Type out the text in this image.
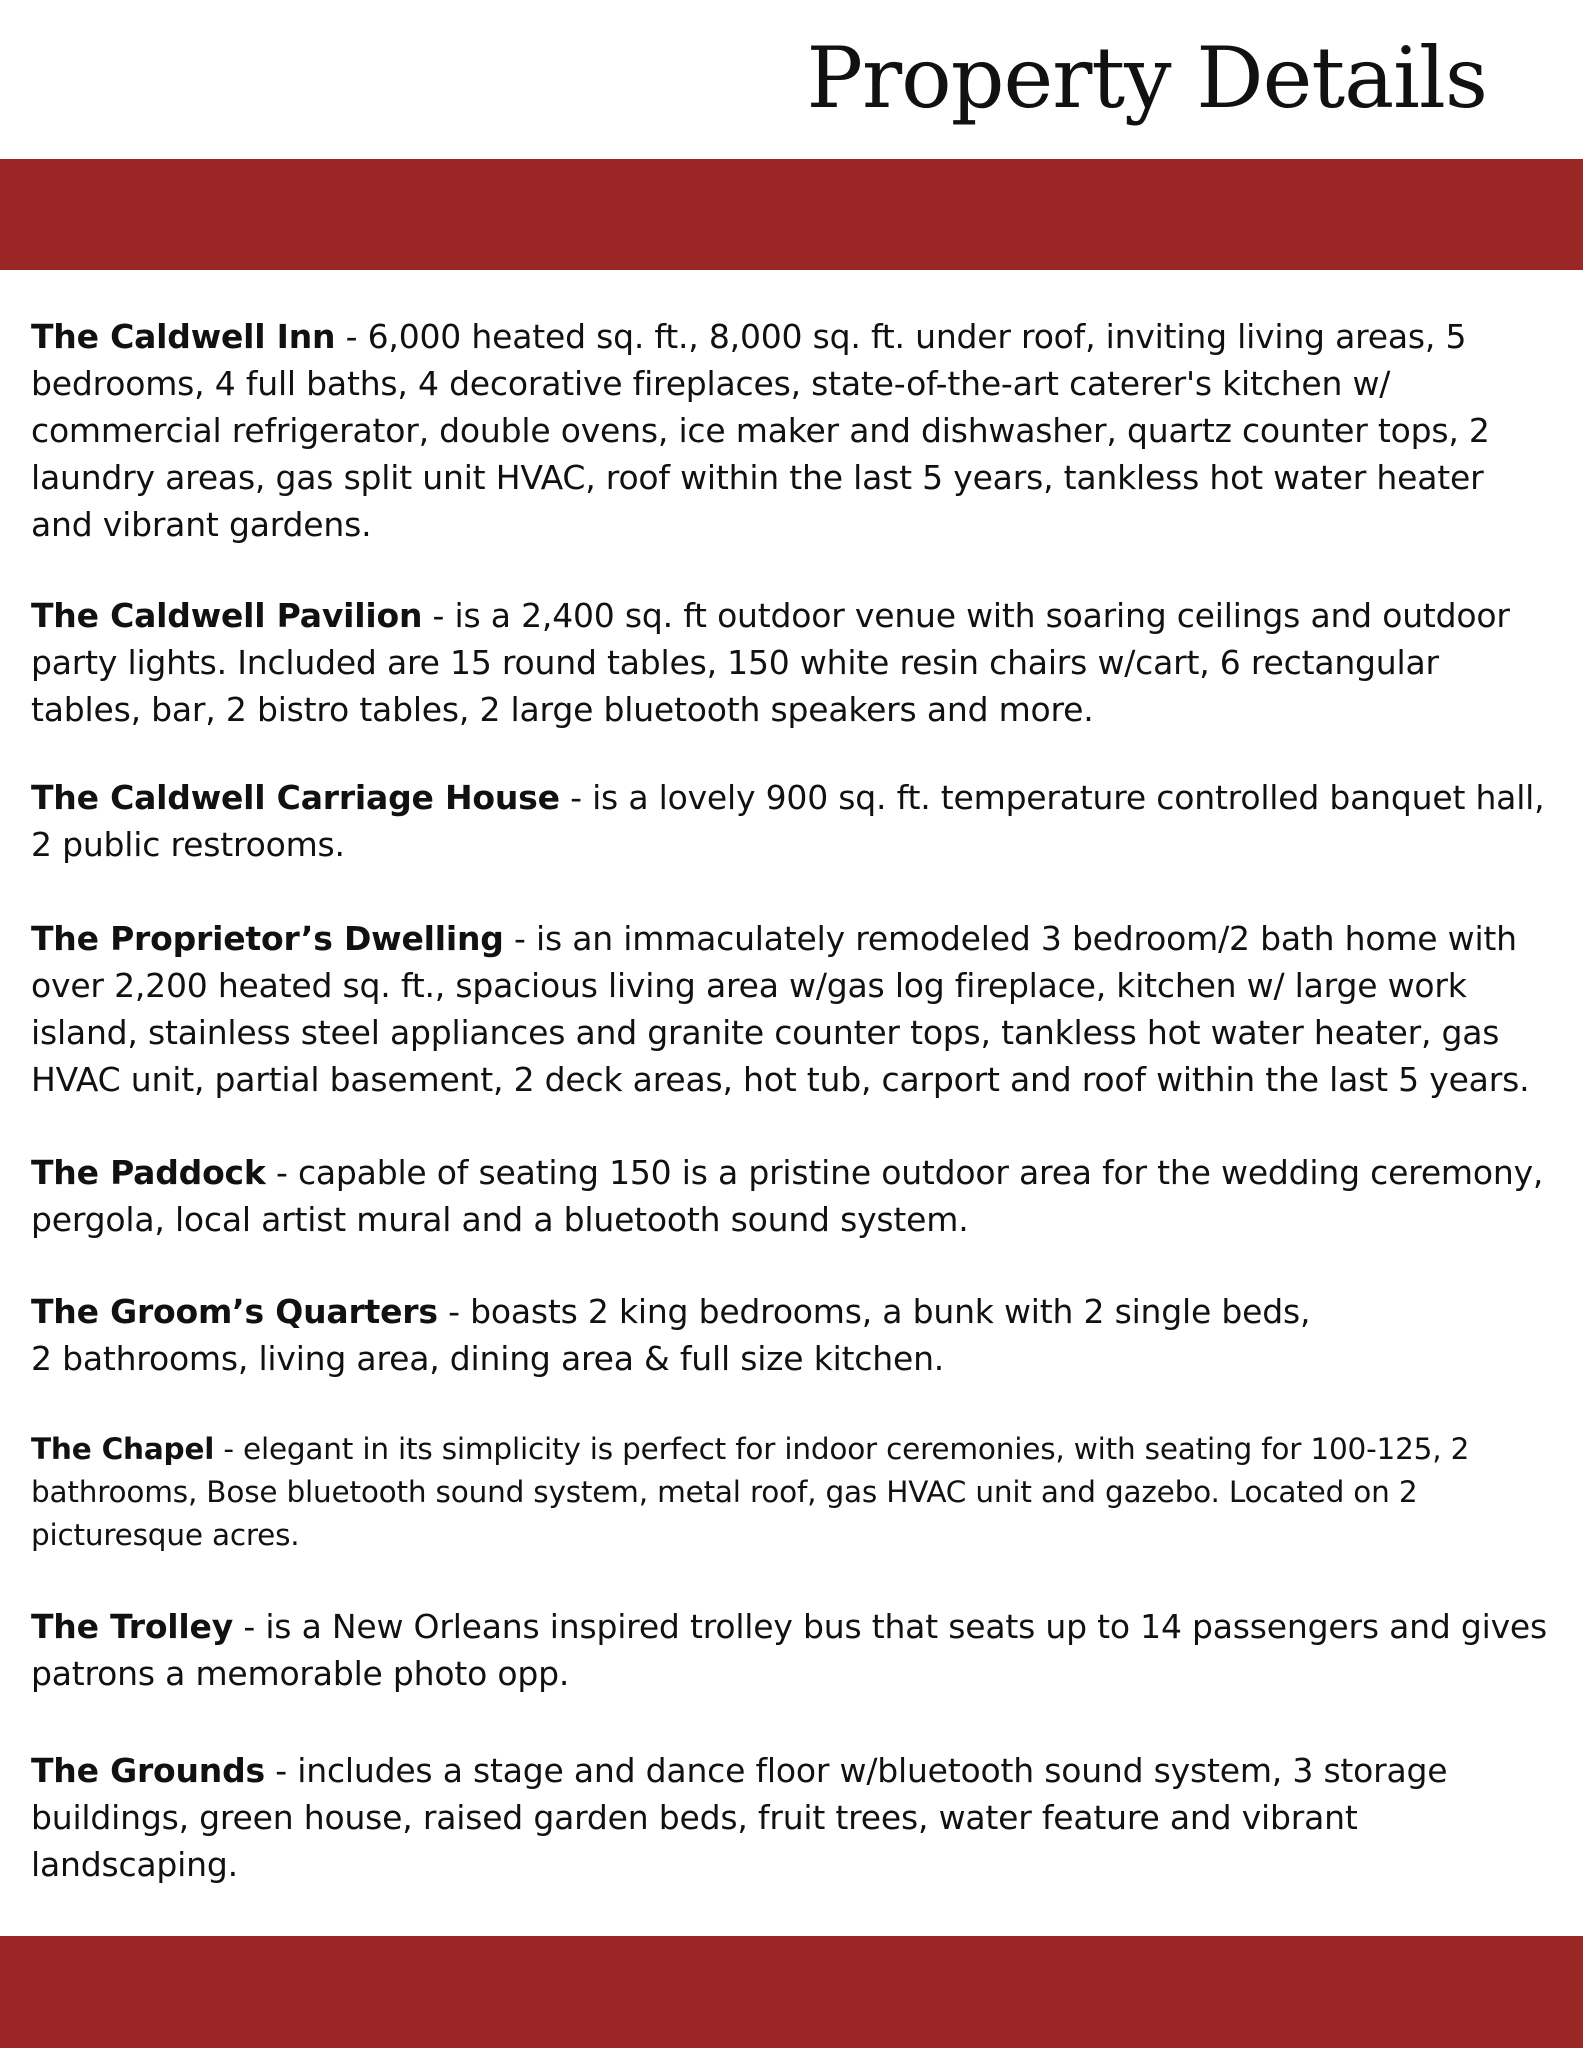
Property Details

The Caldwell Inn - 6,000 heated sq. ft., 8,000 sq. ft. under roof, inviting living areas, 5 bedrooms, 4 full baths, 4 decorative fireplaces, state-of-the-art caterer's kitchen w/ commercial refrigerator, double ovens, ice maker and dishwasher, quartz counter tops, 2 laundry areas, gas split unit HVAC, roof within the last 5 years, tankless hot water heater and vibrant gardens.

The Caldwell Pavilion - is a 2,400 sq. ft outdoor venue with soaring ceilings and outdoor party lights. Included are 15 round tables, 150 white resin chairs w/cart, 6 rectangular tables, bar, 2 bistro tables, 2 large bluetooth speakers and more.

The Caldwell Carriage House - is a lovely 900 sq. ft. temperature controlled banquet hall, 2 public restrooms.

The Proprietor’s Dwelling - is an immaculately remodeled 3 bedroom/2 bath home with over 2,200 heated sq. ft., spacious living area w/gas log fireplace, kitchen w/ large work island, stainless steel appliances and granite counter tops, tankless hot water heater, gas HVAC unit, partial basement, 2 deck areas, hot tub, carport and roof within the last 5 years.

The Paddock - capable of seating 150 is a pristine outdoor area for the wedding ceremony, pergola, local artist mural and a bluetooth sound system.

The Groom’s Quarters - boasts 2 king bedrooms, a bunk with 2 single beds,
2 bathrooms, living area, dining area & full size kitchen.

The Chapel - elegant in its simplicity is perfect for indoor ceremonies, with seating for 100-125, 2 bathrooms, Bose bluetooth sound system, metal roof, gas HVAC unit and gazebo. Located on 2 picturesque acres.

The Trolley - is a New Orleans inspired trolley bus that seats up to 14 passengers and gives patrons a memorable photo opp.

The Grounds - includes a stage and dance floor w/bluetooth sound system, 3 storage buildings, green house, raised garden beds, fruit trees, water feature and vibrant landscaping.
